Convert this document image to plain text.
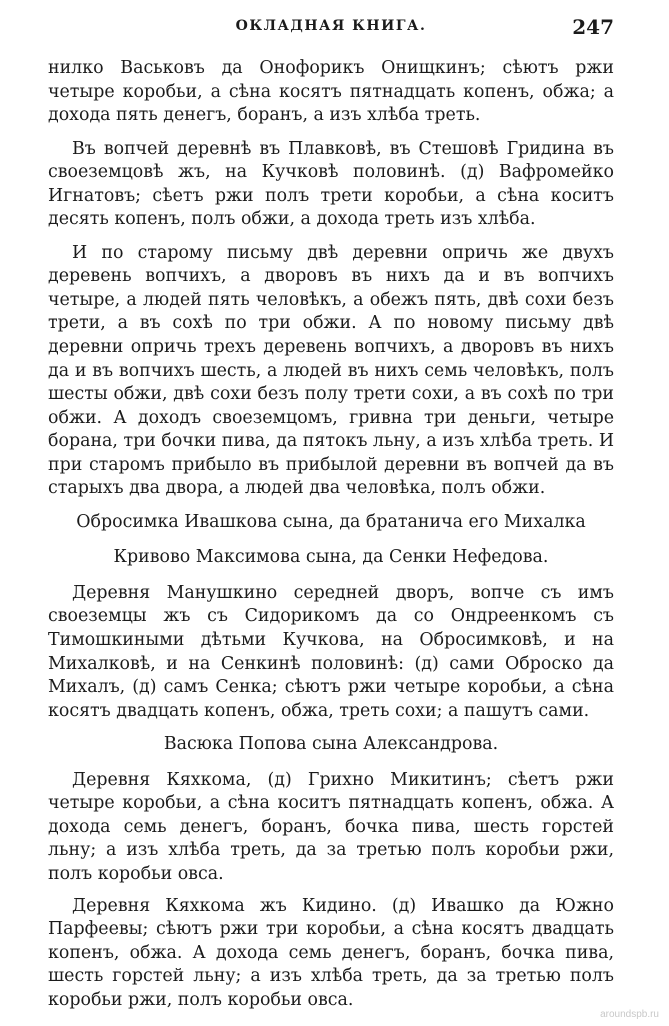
ОКЛАДНАЯ КНИГА.	247

нилко Васьковъ да Онофорикъ Онищкинъ; сѣютъ ржи четыре коробьи, а сѣна косятъ пятнадцать копенъ, обжа; а дохода пять денегъ, боранъ, а изъ хлѣба треть.

Въ вопчей деревнѣ въ Плавковѣ, въ Стешовѣ Гридина въ своеземцовѣ жъ, на Кучковѣ половинѣ. (д) Вафромейко Игнатовъ; сѣетъ ржи полъ трети коробьи, а сѣна коситъ десять копенъ, полъ обжи, а дохода треть изъ хлѣба.

И по старому письму двѣ деревни опричь жe двухъ деревень вопчихъ, а дворовъ въ нихъ да и въ вопчихъ четыре, а людей пять человѣкъ, а обежъ пять, двѣ сохи безъ трети, а въ сохѣ по три обжи. А по новому письму двѣ деревни опричь трехъ деревень вопчихъ, а дворовъ въ нихъ да и въ вопчихъ шесть, а людей въ нихъ семь человѣкъ, полъ шесты обжи, двѣ сохи безъ полу трети сохи, а въ сохѣ по три обжи. А доходъ своеземцомъ, гривна три деньги, четыре борана, три бочки пива, да пятокъ льну, а изъ хлѣба треть. И при старомъ прибыло въ прибылой деревни въ вопчей да въ старыхъ два двора, а людей два человѣка, полъ обжи.

Обросимка Ивашкова сына, да братанича его Михалка

Кривово Максимова сына, да Сенки Нефедова.

Деревня Манушкино середней дворъ, вопче съ имъ своеземцы жъ съ Сидорикомъ да со Ондреенкомъ съ Тимошкиными дѣтьми Кучкова, на Обросимковѣ, и на Михалковѣ, и на Сенкинѣ половинѣ: (д) сами Оброско да Михалъ, (д) самъ Сенка; сѣютъ ржи четыре коробьи, а сѣна косятъ двадцать копенъ, обжа, треть сохи; а пашутъ сами.

Васюка Попова сына Александрова.

Деревня Кяхкома, (д) Грихно Микитинъ; сѣетъ ржи четыре коробьи, а сѣна коситъ пятнадцать копенъ, обжа. А дохода семь денегъ, боранъ, бочка пива, шесть горстей льну; а изъ хлѣба треть, да за третью полъ коробьи ржи, полъ коробьи овса.

Деревня Кяхкома жъ Кидино. (д) Ивашко да Южно Парфеевы; сѣютъ ржи три коробьи, а сѣна косятъ двадцать копенъ, обжа. А дохода семь денегъ, боранъ, бочка пива, шесть горстей льну; а изъ хлѣба треть, да за третью полъ коробьи ржи, полъ коробьи овса.

aroundspb.ru
